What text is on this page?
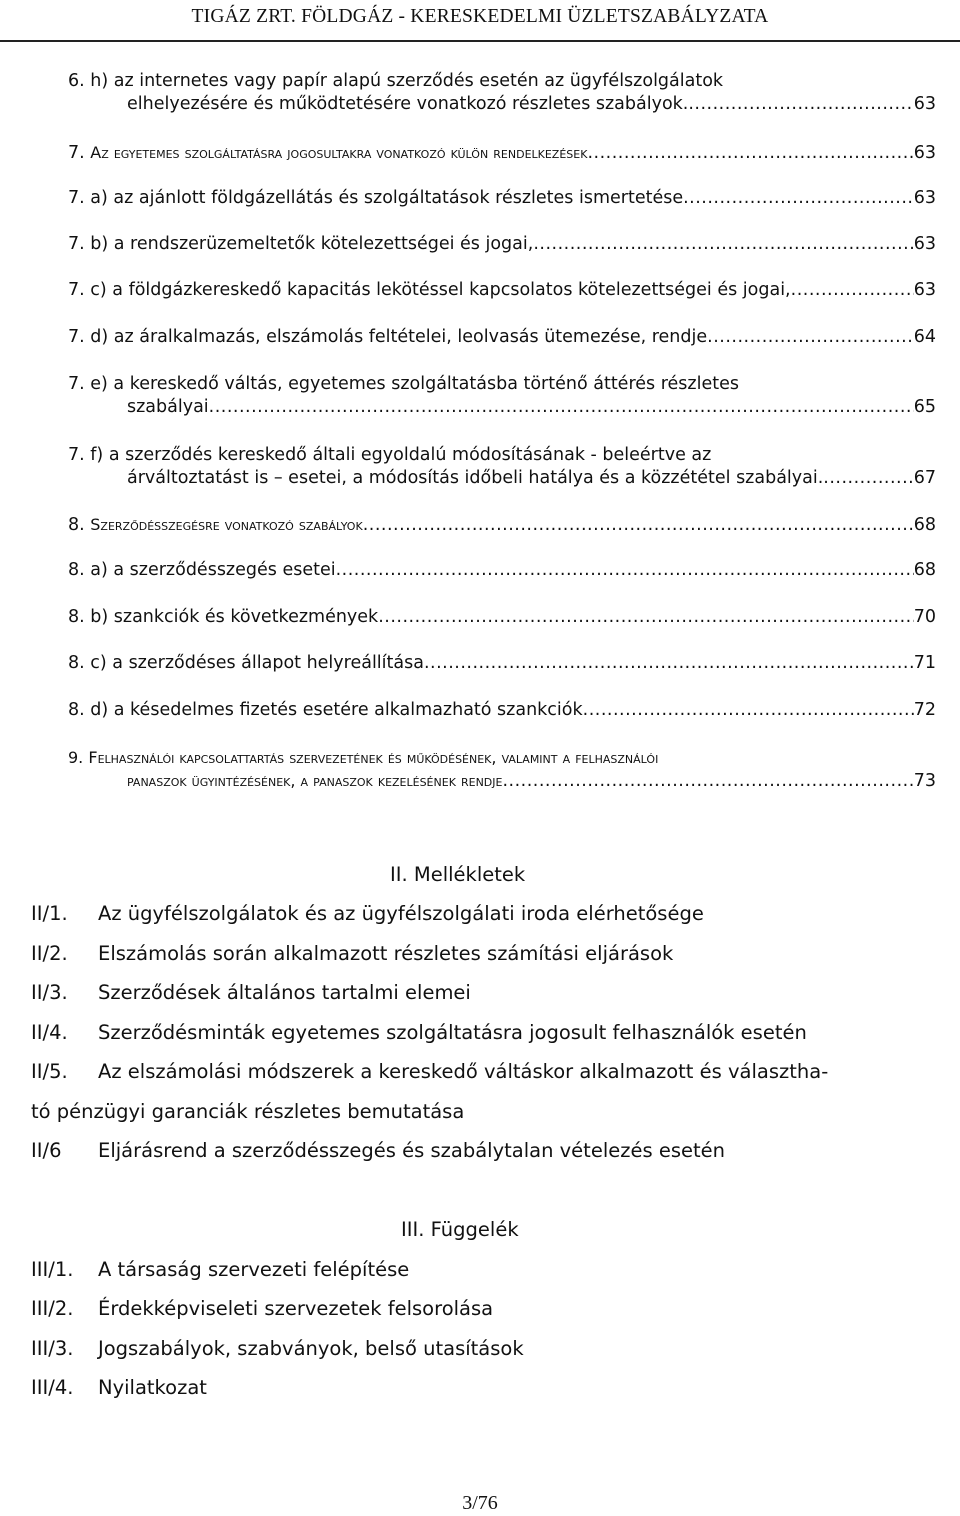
TIGÁZ ZRT. FÖLDGÁZ - KERESKEDELMI ÜZLETSZABÁLYZATA
6. h) az internetes vagy papír alapú szerződés esetén az ügyfélszolgálatok
elhelyezésére és működtetésére vonatkozó részletes szabályok. .....	63
7. Az egyetemes szolgáltatásra jogosultakra vonatkozó külön rendelkezések .....	63
7. a) az ajánlott földgázellátás és szolgáltatások részletes ismertetése .....	63
7. b) a rendszerüzemeltetők kötelezettségei és jogai, .....	63
7. c) a földgázkereskedő kapacitás lekötéssel kapcsolatos kötelezettségei és jogai, .....	63
7. d) az áralkalmazás, elszámolás feltételei, leolvasás ütemezése, rendje .....	64
7. e) a kereskedő váltás, egyetemes szolgáltatásba történő áttérés részletes
szabályai .....	65
7. f) a szerződés kereskedő általi egyoldalú módosításának - beleértve az
árváltoztatást is – esetei, a módosítás időbeli hatálya és a közzététel szabályai. .....	67
8. Szerződésszegésre vonatkozó szabályok .....	68
8. a) a szerződésszegés esetei .....	68
8. b) szankciók és következmények .....	70
8. c) a szerződéses állapot helyreállítása .....	71
8. d) a késedelmes fizetés esetére alkalmazható szankciók .....	72
9. Felhasználói kapcsolattartás szervezetének és működésének, valamint a felhasználói
panaszok ügyintézésének, a panaszok kezelésének rendje .....	73
II. Mellékletek
II/1. Az ügyfélszolgálatok és az ügyfélszolgálati iroda elérhetősége
II/2. Elszámolás során alkalmazott részletes számítási eljárások
II/3. Szerződések általános tartalmi elemei
II/4. Szerződésminták egyetemes szolgáltatásra jogosult felhasználók esetén
II/5. Az elszámolási módszerek a kereskedő váltáskor alkalmazott és választha-
tó pénzügyi garanciák részletes bemutatása
II/6 Eljárásrend a szerződésszegés és szabálytalan vételezés esetén
III. Függelék
III/1. A társaság szervezeti felépítése
III/2. Érdekképviseleti szervezetek felsorolása
III/3. Jogszabályok, szabványok, belső utasítások
III/4. Nyilatkozat
3/76
